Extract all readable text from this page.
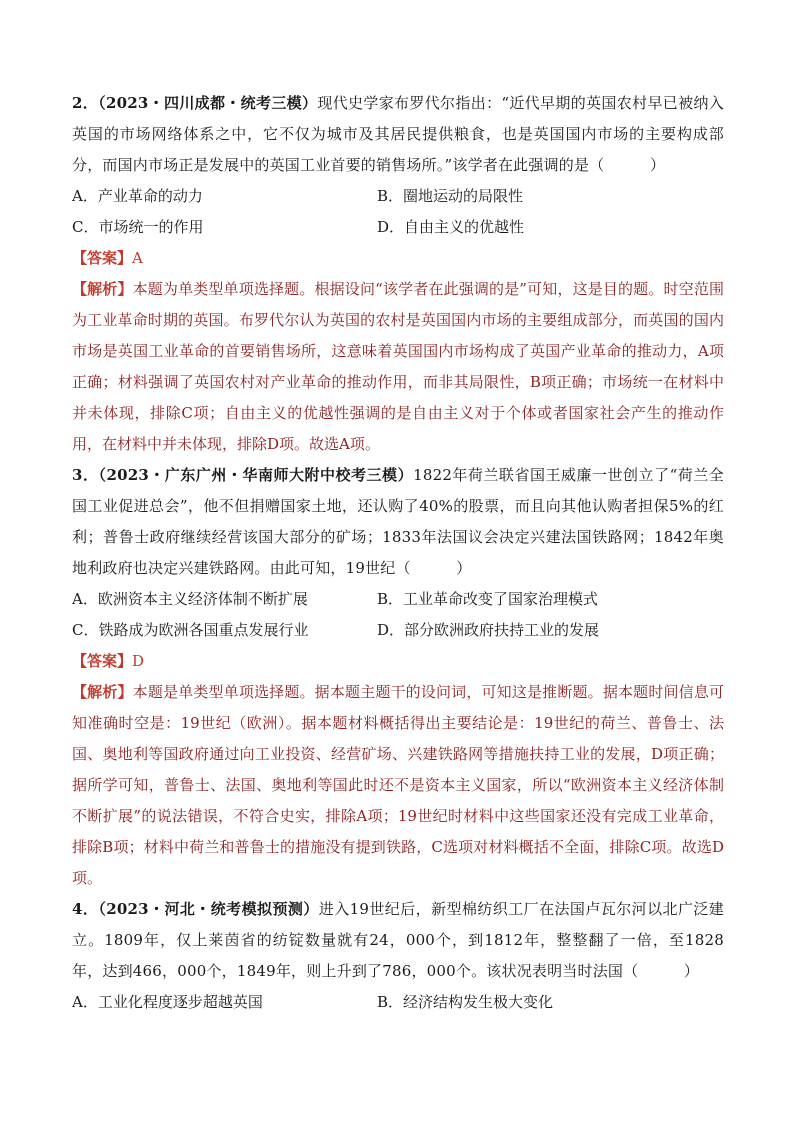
2．（2023・四川成都・统考三模）现代史学家布罗代尔指出：“近代早期的英国农村早已被纳入英国的市场网络体系之中，它不仅为城市及其居民提供粮食，也是英国国内市场的主要构成部分，而国内市场正是发展中的英国工业首要的销售场所。”该学者在此强调的是（　　　）

A．产业革命的动力	B．圈地运动的局限性
C．市场统一的作用	D．自由主义的优越性

【答案】A

【解析】本题为单类型单项选择题。根据设问“该学者在此强调的是”可知，这是目的题。时空范围为工业革命时期的英国。布罗代尔认为英国的农村是英国国内市场的主要组成部分，而英国的国内市场是英国工业革命的首要销售场所，这意味着英国国内市场构成了英国产业革命的推动力，A项正确；材料强调了英国农村对产业革命的推动作用，而非其局限性，B项正确；市场统一在材料中并未体现，排除C项；自由主义的优越性强调的是自由主义对于个体或者国家社会产生的推动作用，在材料中并未体现，排除D项。故选A项。

3．（2023・广东广州・华南师大附中校考三模）1822年荷兰联省国王威廉一世创立了“荷兰全国工业促进总会”，他不但捐赠国家土地，还认购了40%的股票，而且向其他认购者担保5%的红利；普鲁士政府继续经营该国大部分的矿场；1833年法国议会决定兴建法国铁路网；1842年奥地利政府也决定兴建铁路网。由此可知，19世纪（　　　）

A．欧洲资本主义经济体制不断扩展	B．工业革命改变了国家治理模式
C．铁路成为欧洲各国重点发展行业	D．部分欧洲政府扶持工业的发展

【答案】D

【解析】本题是单类型单项选择题。据本题主题干的设问词，可知这是推断题。据本题时间信息可知准确时空是：19世纪（欧洲）。据本题材料概括得出主要结论是：19世纪的荷兰、普鲁士、法国、奥地利等国政府通过向工业投资、经营矿场、兴建铁路网等措施扶持工业的发展，D项正确；据所学可知，普鲁士、法国、奥地利等国此时还不是资本主义国家，所以“欧洲资本主义经济体制不断扩展”的说法错误，不符合史实，排除A项；19世纪时材料中这些国家还没有完成工业革命，排除B项；材料中荷兰和普鲁士的措施没有提到铁路，C选项对材料概括不全面，排除C项。故选D项。

4．（2023・河北・统考模拟预测）进入19世纪后，新型棉纺织工厂在法国卢瓦尔河以北广泛建立。1809年，仅上莱茵省的纺锭数量就有24，000个，到1812年，整整翻了一倍，至1828年，达到466，000个，1849年，则上升到了786，000个。该状况表明当时法国（　　　）

A．工业化程度逐步超越英国	B．经济结构发生极大变化
